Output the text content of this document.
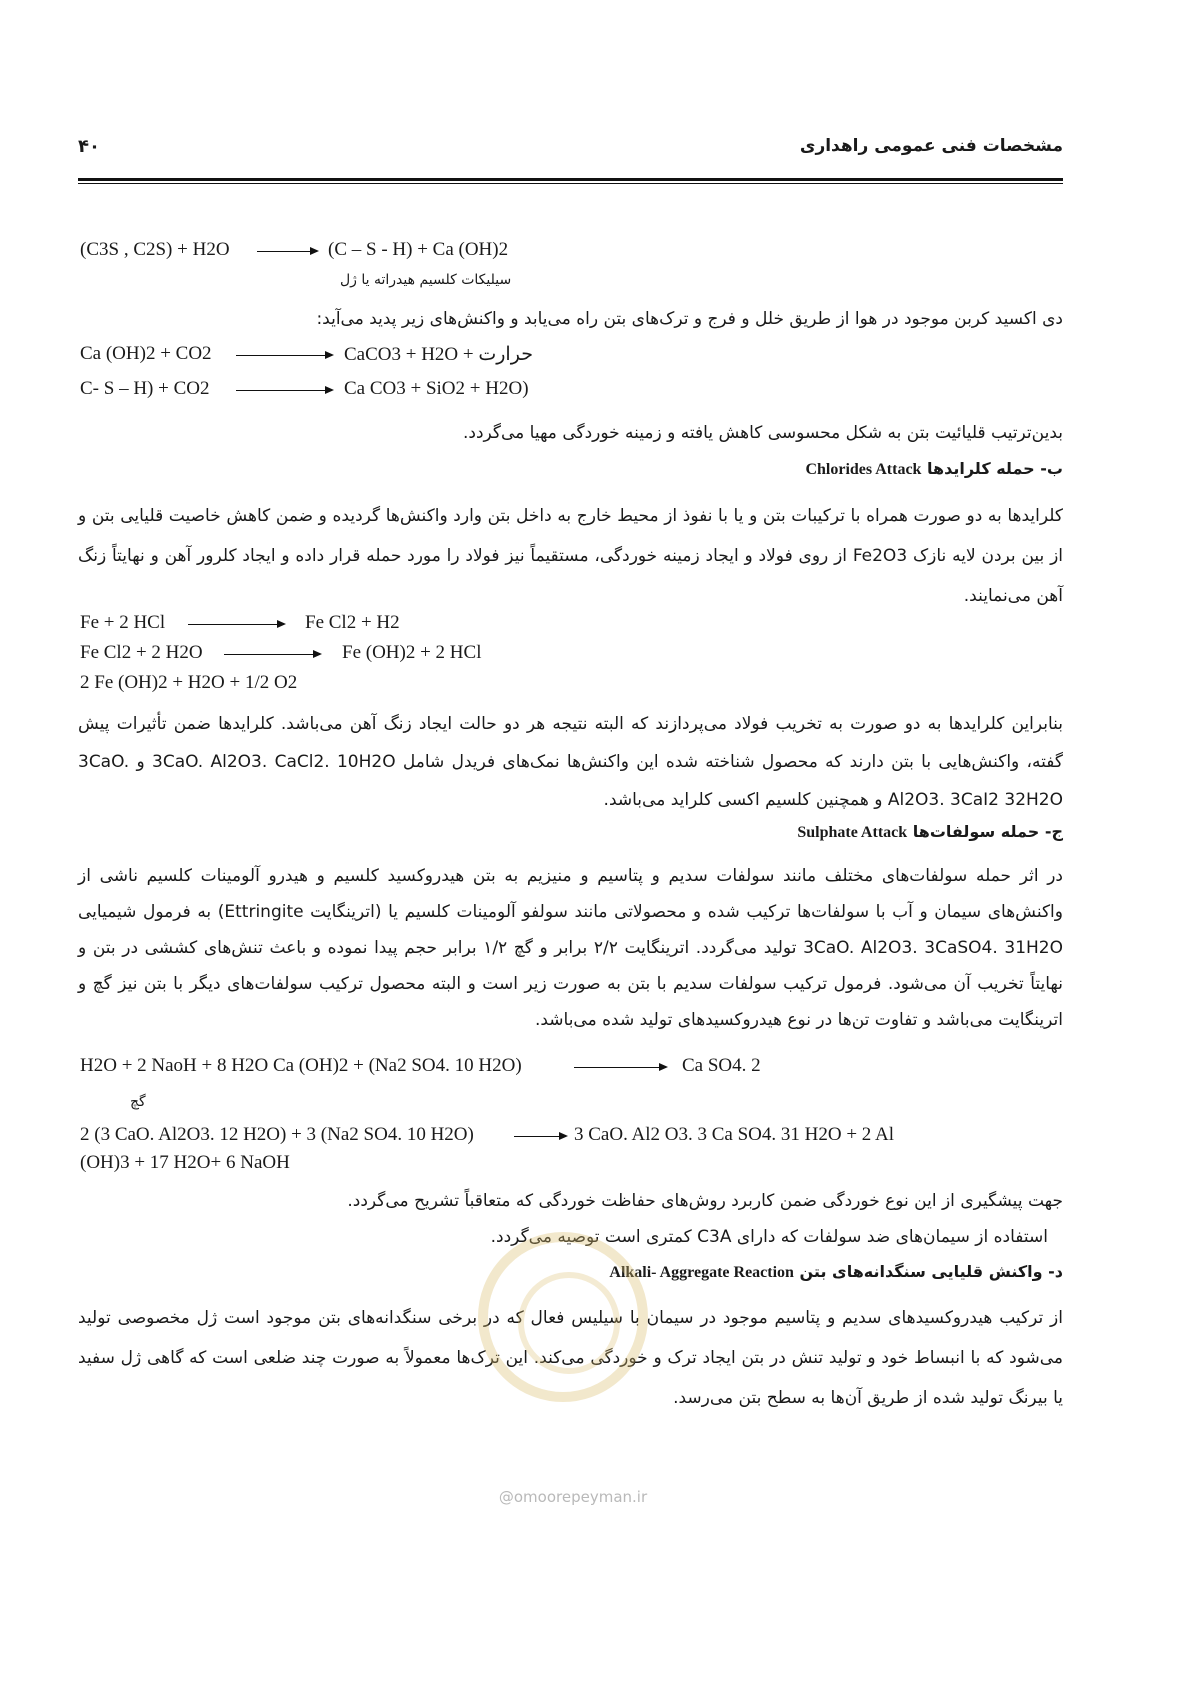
مشخصات فنی عمومی راهداری
۴۰
(C3S , C2S) + H2O	(C – S - H) + Ca (OH)2
سیلیکات کلسیم هیدراته یا ژل
دی اکسید کربن موجود در هوا از طریق خلل و فرج و ترک‌های بتن راه می‌یابد و واکنش‌های زیر پدید می‌آید:
Ca (OH)2 + CO2	CaCO3 + H2O + حرارت
C- S – H) + CO2	Ca CO3 + SiO2 + H2O)
بدین‌ترتیب قلیائیت بتن به شکل محسوسی کاهش یافته و زمینه خوردگی مهیا می‌گردد.
ب- حمله کلرایدها Chlorides Attack
کلرایدها به دو صورت همراه با ترکیبات بتن و یا با نفوذ از محیط خارج به داخل بتن وارد واکنش‌ها گردیده و ضمن کاهش خاصیت قلیایی بتن و از بین بردن لایه نازک Fe2O3 از روی فولاد و ایجاد زمینه خوردگی، مستقیماً نیز فولاد را مورد حمله قرار داده و ایجاد کلرور آهن و نهایتاً زنگ آهن می‌نمایند.
Fe + 2 HCl	Fe Cl2 + H2
Fe Cl2 + 2 H2O	Fe (OH)2 + 2 HCl
2 Fe (OH)2 + H2O + 1/2 O2
بنابراین کلرایدها به دو صورت به تخریب فولاد می‌پردازند که البته نتیجه هر دو حالت ایجاد زنگ آهن می‌باشد. کلرایدها ضمن تأثیرات پیش گفته، واکنش‌هایی با بتن دارند که محصول شناخته شده این واکنش‌ها نمک‌های فریدل شامل 3CaO. Al2O3. CaCl2. 10H2O و 3CaO. Al2O3. 3CaI2 32H2O و همچنین کلسیم اکسی کلراید می‌باشد.
ج- حمله سولفات‌ها Sulphate Attack
در اثر حمله سولفات‌های مختلف مانند سولفات سدیم و پتاسیم و منیزیم به بتن هیدروکسید کلسیم و هیدرو آلومینات کلسیم ناشی از واکنش‌های سیمان و آب با سولفات‌ها ترکیب شده و محصولاتی مانند سولفو آلومینات کلسیم یا (اترینگایت Ettringite) به فرمول شیمیایی 3CaO. Al2O3. 3CaSO4. 31H2O تولید می‌گردد. اترینگایت ۲/۲ برابر و گچ ۱/۲ برابر حجم پیدا نموده و باعث تنش‌های کششی در بتن و نهایتاً تخریب آن می‌شود. فرمول ترکیب سولفات سدیم با بتن به صورت زیر است و البته محصول ترکیب سولفات‌های دیگر با بتن نیز گچ و اترینگایت می‌باشد و تفاوت تن‌ها در نوع هیدروکسیدهای تولید شده می‌باشد.
H2O + 2 NaoH + 8 H2O Ca (OH)2 + (Na2 SO4. 10 H2O)	Ca SO4. 2
گچ
2 (3 CaO. Al2O3. 12 H2O) + 3 (Na2 SO4. 10 H2O)	3 CaO. Al2 O3. 3 Ca SO4. 31 H2O + 2 Al
(OH)3 + 17 H2O+ 6 NaOH
جهت پیشگیری از این نوع خوردگی ضمن کاربرد روش‌های حفاظت خوردگی که متعاقباً تشریح می‌گردد.
استفاده از سیمان‌های ضد سولفات که دارای C3A کمتری است توصیه می‌گردد.
د- واکنش قلیایی سنگدانه‌های بتن Alkali- Aggregate Reaction
از ترکیب هیدروکسیدهای سدیم و پتاسیم موجود در سیمان با سیلیس فعال که در برخی سنگدانه‌های بتن موجود است ژل مخصوصی تولید می‌شود که با انبساط خود و تولید تنش در بتن ایجاد ترک و خوردگی می‌کند. این ترک‌ها معمولاً به صورت چند ضلعی است که گاهی ژل سفید یا بیرنگ تولید شده از طریق آن‌ها به سطح بتن می‌رسد.
@omoorepeyman.ir
